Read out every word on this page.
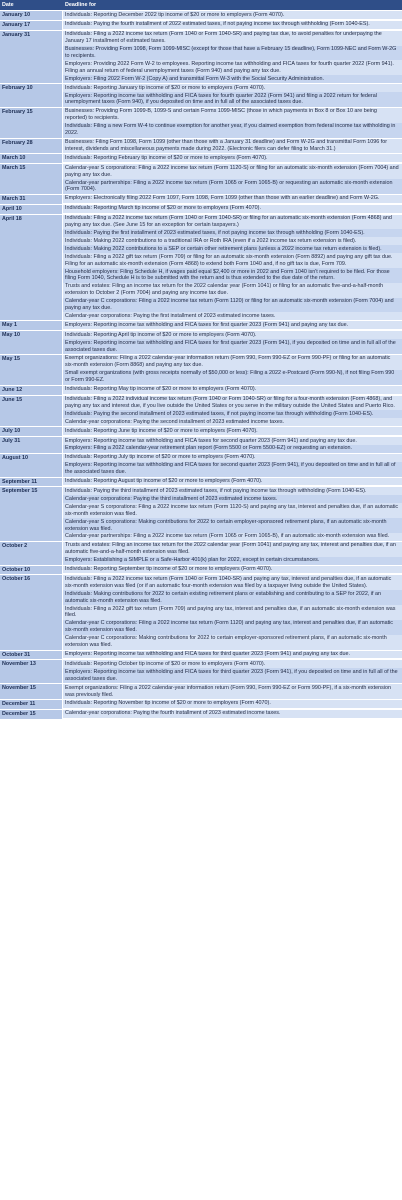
Date	Deadline for
January 10	Individuals: Reporting December 2022 tip income of $20 or more to employers (Form 4070).
January 17	Individuals: Paying the fourth installment of 2022 estimated taxes, if not paying income tax through withholding (Form 1040-ES).
January 31	Individuals: Filing a 2022 income tax return (Form 1040 or Form 1040-SR) and paying tax due, to avoid penalties for underpaying the January 17 installment of estimated taxes.
Businesses: Providing Form 1098, Form 1099-MISC (except for those that have a February 15 deadline), Form 1099-NEC and Form W-2G to recipients.
Employers: Providing 2022 Form W-2 to employees. Reporting income tax withholding and FICA taxes for fourth quarter 2022 (Form 941). Filing an annual return of federal unemployment taxes (Form 940) and paying any tax due.
Employers: Filing 2022 Form W-2 (Copy A) and transmittal Form W-3 with the Social Security Administration.
February 10	Individuals: Reporting January tip income of $20 or more to employers (Form 4070).
Employers: Reporting income tax withholding and FICA taxes for fourth quarter 2022 (Form 941) and filing a 2022 return for federal unemployment taxes (Form 940), if you deposited on time and in full all of the associated taxes due.
February 15	Businesses: Providing Form 1099-B, 1099-S and certain Forms 1099-MISC (those in which payments in Box 8 or Box 10 are being reported) to recipients.
Individuals: Filing a new Form W-4 to continue exemption for another year, if you claimed exemption from federal income tax withholding in 2022.
February 28	Businesses: Filing Form 1098, Form 1099 (other than those with a January 31 deadline) and Form W-2G and transmittal Form 1096 for interest, dividends and miscellaneous payments made during 2022. (Electronic filers can defer filing to March 31.)
March 10	Individuals: Reporting February tip income of $20 or more to employers (Form 4070).
March 15	Calendar-year S corporations: Filing a 2022 income tax return (Form 1120-S) or filing for an automatic six-month extension (Form 7004) and paying any tax due.
Calendar-year partnerships: Filing a 2022 income tax return (Form 1065 or Form 1065-B) or requesting an automatic six-month extension (Form 7004).
March 31	Employers: Electronically filing 2022 Form 1097, Form 1098, Form 1099 (other than those with an earlier deadline) and Form W-2G.
April 10	Individuals: Reporting March tip income of $20 or more to employers (Form 4070).
April 18	Individuals: Filing a 2022 income tax return (Form 1040 or Form 1040-SR) or filing for an automatic six-month extension (Form 4868) and paying any tax due. (See June 15 for an exception for certain taxpayers.)
Individuals: Paying the first installment of 2023 estimated taxes, if not paying income tax through withholding (Form 1040-ES).
Individuals: Making 2022 contributions to a traditional IRA or Roth IRA (even if a 2022 income tax return extension is filed).
Individuals: Making 2022 contributions to a SEP or certain other retirement plans (unless a 2022 income tax return extension is filed).
Individuals: Filing a 2022 gift tax return (Form 709) or filing for an automatic six-month extension (Form 8892) and paying any gift tax due. Filing for an automatic six-month extension (Form 4868) to extend both Form 1040 and, if no gift tax is due, Form 709.
Household employers: Filing Schedule H, if wages paid equal $2,400 or more in 2022 and Form 1040 isn't required to be filed. For those filing Form 1040, Schedule H is to be submitted with the return and is thus extended to the due date of the return.
Trusts and estates: Filing an income tax return for the 2022 calendar year (Form 1041) or filing for an automatic five-and-a-half-month extension to October 2 (Form 7004) and paying any income tax due.
Calendar-year C corporations: Filing a 2022 income tax return (Form 1120) or filing for an automatic six-month extension (Form 7004) and paying any tax due.
Calendar-year corporations: Paying the first installment of 2023 estimated income taxes.
May 1	Employers: Reporting income tax withholding and FICA taxes for first quarter 2023 (Form 941) and paying any tax due.
May 10	Individuals: Reporting April tip income of $20 or more to employers (Form 4070).
Employers: Reporting income tax withholding and FICA taxes for first quarter 2023 (Form 941), if you deposited on time and in full all of the associated taxes due.
May 15	Exempt organizations: Filing a 2022 calendar-year information return (Form 990, Form 990-EZ or Form 990-PF) or filing for an automatic six-month extension (Form 8868) and paying any tax due.
Small exempt organizations (with gross receipts normally of $50,000 or less): Filing a 2022 e-Postcard (Form 990-N), if not filing Form 990 or Form 990-EZ.
June 12	Individuals: Reporting May tip income of $20 or more to employers (Form 4070).
June 15	Individuals: Filing a 2022 individual income tax return (Form 1040 or Form 1040-SR) or filing for a four-month extension (Form 4868), and paying any tax and interest due, if you live outside the United States or you serve in the military outside the United States and Puerto Rico.
Individuals: Paying the second installment of 2023 estimated taxes, if not paying income tax through withholding (Form 1040-ES).
Calendar-year corporations: Paying the second installment of 2023 estimated income taxes.
July 10	Individuals: Reporting June tip income of $20 or more to employers (Form 4070).
July 31	Employers: Reporting income tax withholding and FICA taxes for second quarter 2023 (Form 941) and paying any tax due.
Employers: Filing a 2022 calendar-year retirement plan report (Form 5500 or Form 5500-EZ) or requesting an extension.
August 10	Individuals: Reporting July tip income of $20 or more to employers (Form 4070).
Employers: Reporting income tax withholding and FICA taxes for second quarter 2023 (Form 941), if you deposited on time and in full all of the associated taxes due.
September 11	Individuals: Reporting August tip income of $20 or more to employers (Form 4070).
September 15	Individuals: Paying the third installment of 2023 estimated taxes, if not paying income tax through withholding (Form 1040-ES).
Calendar-year corporations: Paying the third installment of 2023 estimated income taxes.
Calendar-year S corporations: Filing a 2022 income tax return (Form 1120-S) and paying any tax, interest and penalties due, if an automatic six-month extension was filed.
Calendar-year S corporations: Making contributions for 2022 to certain employer-sponsored retirement plans, if an automatic six-month extension was filed.
Calendar-year partnerships: Filing a 2022 income tax return (Form 1065 or Form 1065-B), if an automatic six-month extension was filed.
October 2	Trusts and estates: Filing an income tax return for the 2022 calendar year (Form 1041) and paying any tax, interest and penalties due, if an automatic five-and-a-half-month extension was filed.
Employers: Establishing a SIMPLE or a Safe-Harbor 401(k) plan for 2022, except in certain circumstances.
October 10	Individuals: Reporting September tip income of $20 or more to employers (Form 4070).
October 16	Individuals: Filing a 2022 income tax return (Form 1040 or Form 1040-SR) and paying any tax, interest and penalties due, if an automatic six-month extension was filed (or if an automatic four-month extension was filed by a taxpayer living outside the United States).
Individuals: Making contributions for 2022 to certain existing retirement plans or establishing and contributing to a SEP for 2022, if an automatic six-month extension was filed.
Individuals: Filing a 2022 gift tax return (Form 709) and paying any tax, interest and penalties due, if an automatic six-month extension was filed.
Calendar-year C corporations: Filing a 2022 income tax return (Form 1120) and paying any tax, interest and penalties due, if an automatic six-month extension was filed.
Calendar-year C corporations: Making contributions for 2022 to certain employer-sponsored retirement plans, if an automatic six-month extension was filed.
October 31	Employers: Reporting income tax withholding and FICA taxes for third quarter 2023 (Form 941) and paying any tax due.
November 13	Individuals: Reporting October tip income of $20 or more to employers (Form 4070).
Employers: Reporting income tax withholding and FICA taxes for third quarter 2023 (Form 941), if you deposited on time and in full all of the associated taxes due.
November 15	Exempt organizations: Filing a 2022 calendar-year information return (Form 990, Form 990-EZ or Form 990-PF), if a six-month extension was previously filed.
December 11	Individuals: Reporting November tip income of $20 or more to employers (Form 4070).
December 15	Calendar-year corporations: Paying the fourth installment of 2023 estimated income taxes.
